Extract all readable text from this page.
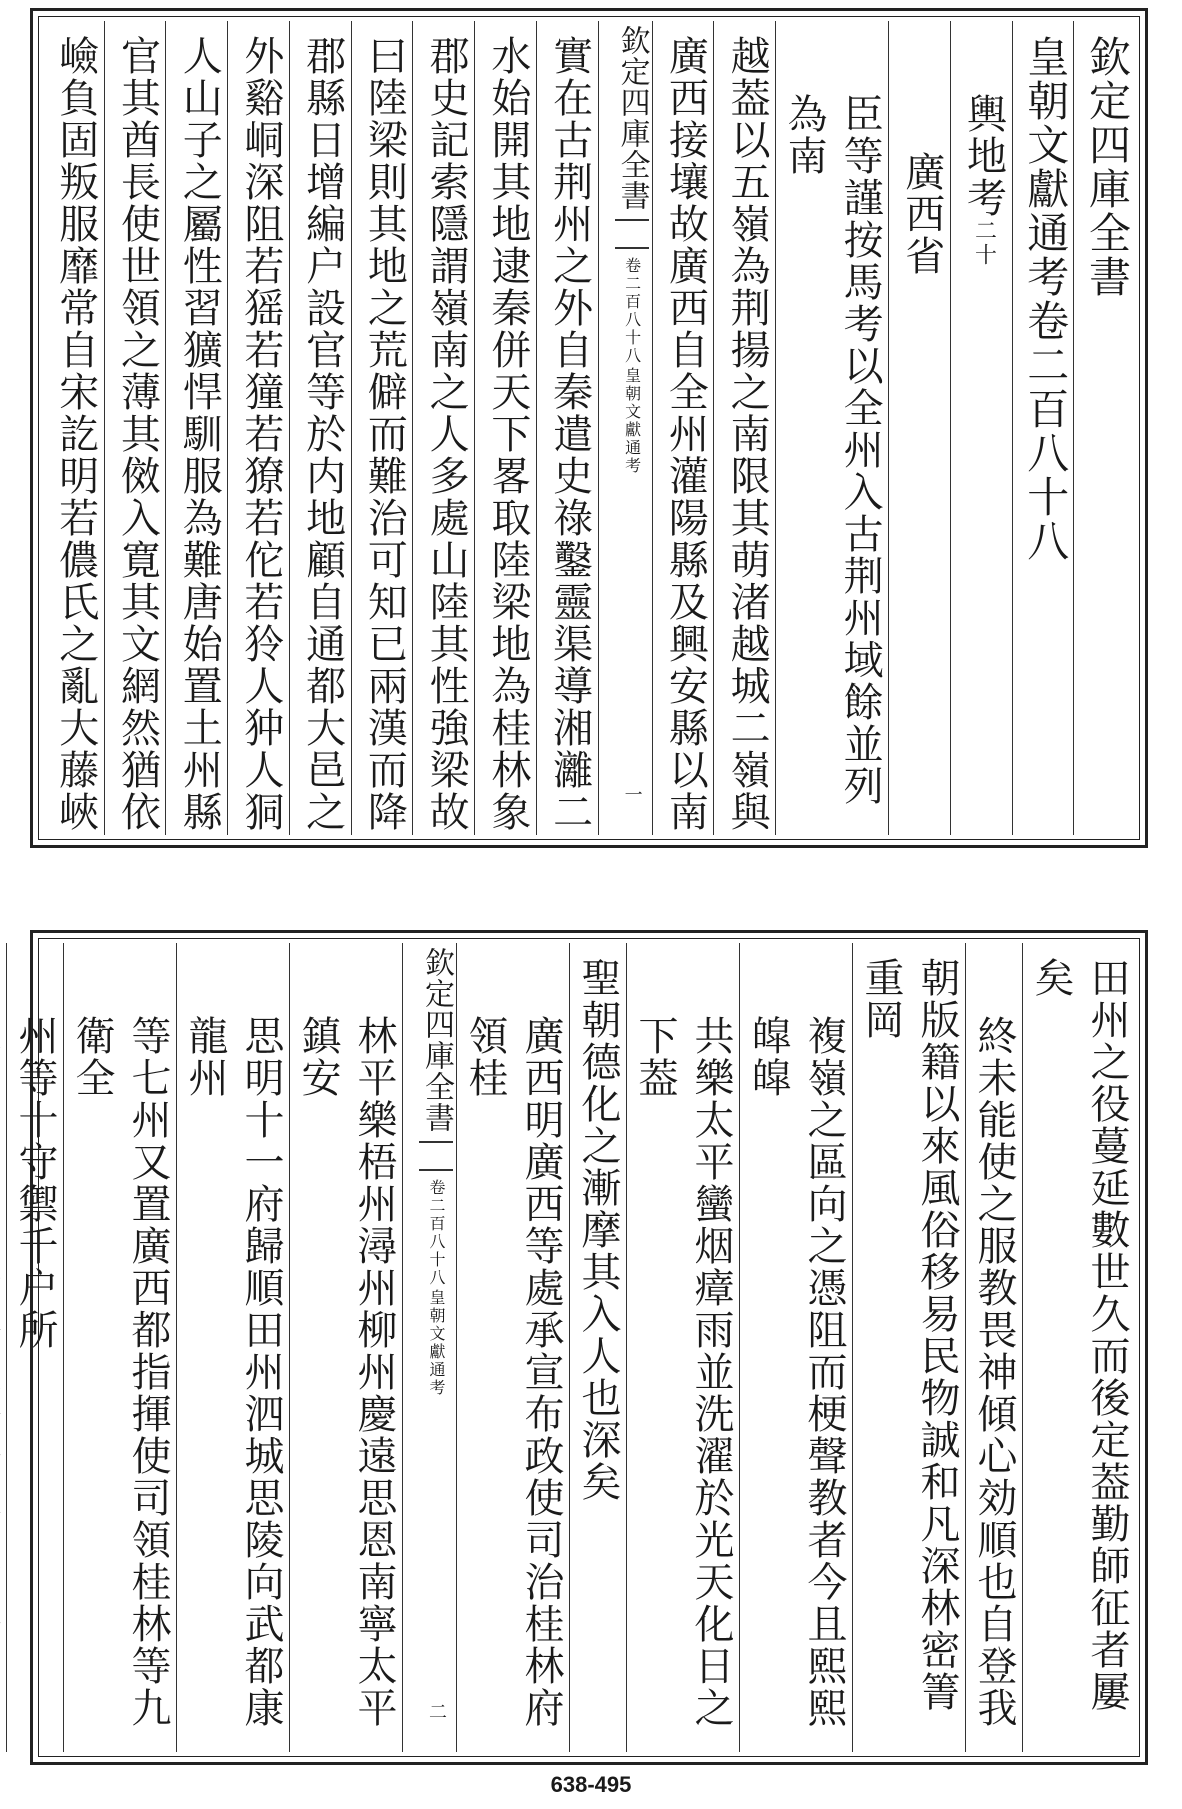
欽定四庫全書
皇朝文獻通考卷二百八十八
輿地考二十
廣西省
臣等謹按馬考以全州入古荆州域餘並列為南
越葢以五嶺為荆揚之南限其萌渚越城二嶺與
廣西接壤故廣西自全州灌陽縣及興安縣以南
欽定四庫全書
皇朝文獻通考
卷二百八十八
一
實在古荆州之外自秦遣史祿鑿靈渠導湘灕二
水始開其地逮秦併天下畧取陸梁地為桂林象
郡史記索隱謂嶺南之人多處山陸其性強梁故
曰陸梁則其地之荒僻而難治可知已兩漢而降
郡縣日增編户設官等於内地顧自通都大邑之
外谿峒深阻若猺若獞若獠若佗若狑人狆人狪
人山子之屬性習獷悍馴服為難唐始置土州縣
官其酋長使世領之薄其傚入寛其文網然猶依
嶮負固叛服靡常自宋訖明若儂氏之亂大藤峽
田州之役蔓延數世久而後定葢勤師征者屢矣
終未能使之服教畏神傾心効順也自登我
朝版籍以來風俗移易民物誠和凡深林密箐重岡
複嶺之區向之憑阻而梗聲教者今且熙熙皡皡
共樂太平蠻烟瘴雨並洗濯於光天化日之下葢
聖朝德化之漸摩其入人也深矣
廣西明廣西等處承宣布政使司治桂林府領桂
欽定四庫全書
皇朝文獻通考
卷二百八十八
二
林平樂梧州潯州柳州慶遠思恩南寧太平鎮安
思明十一府歸順田州泗城思陵向武都康龍州
等七州又置廣西都指揮使司領桂林等九衛全
州等十守禦千户所
638-495
